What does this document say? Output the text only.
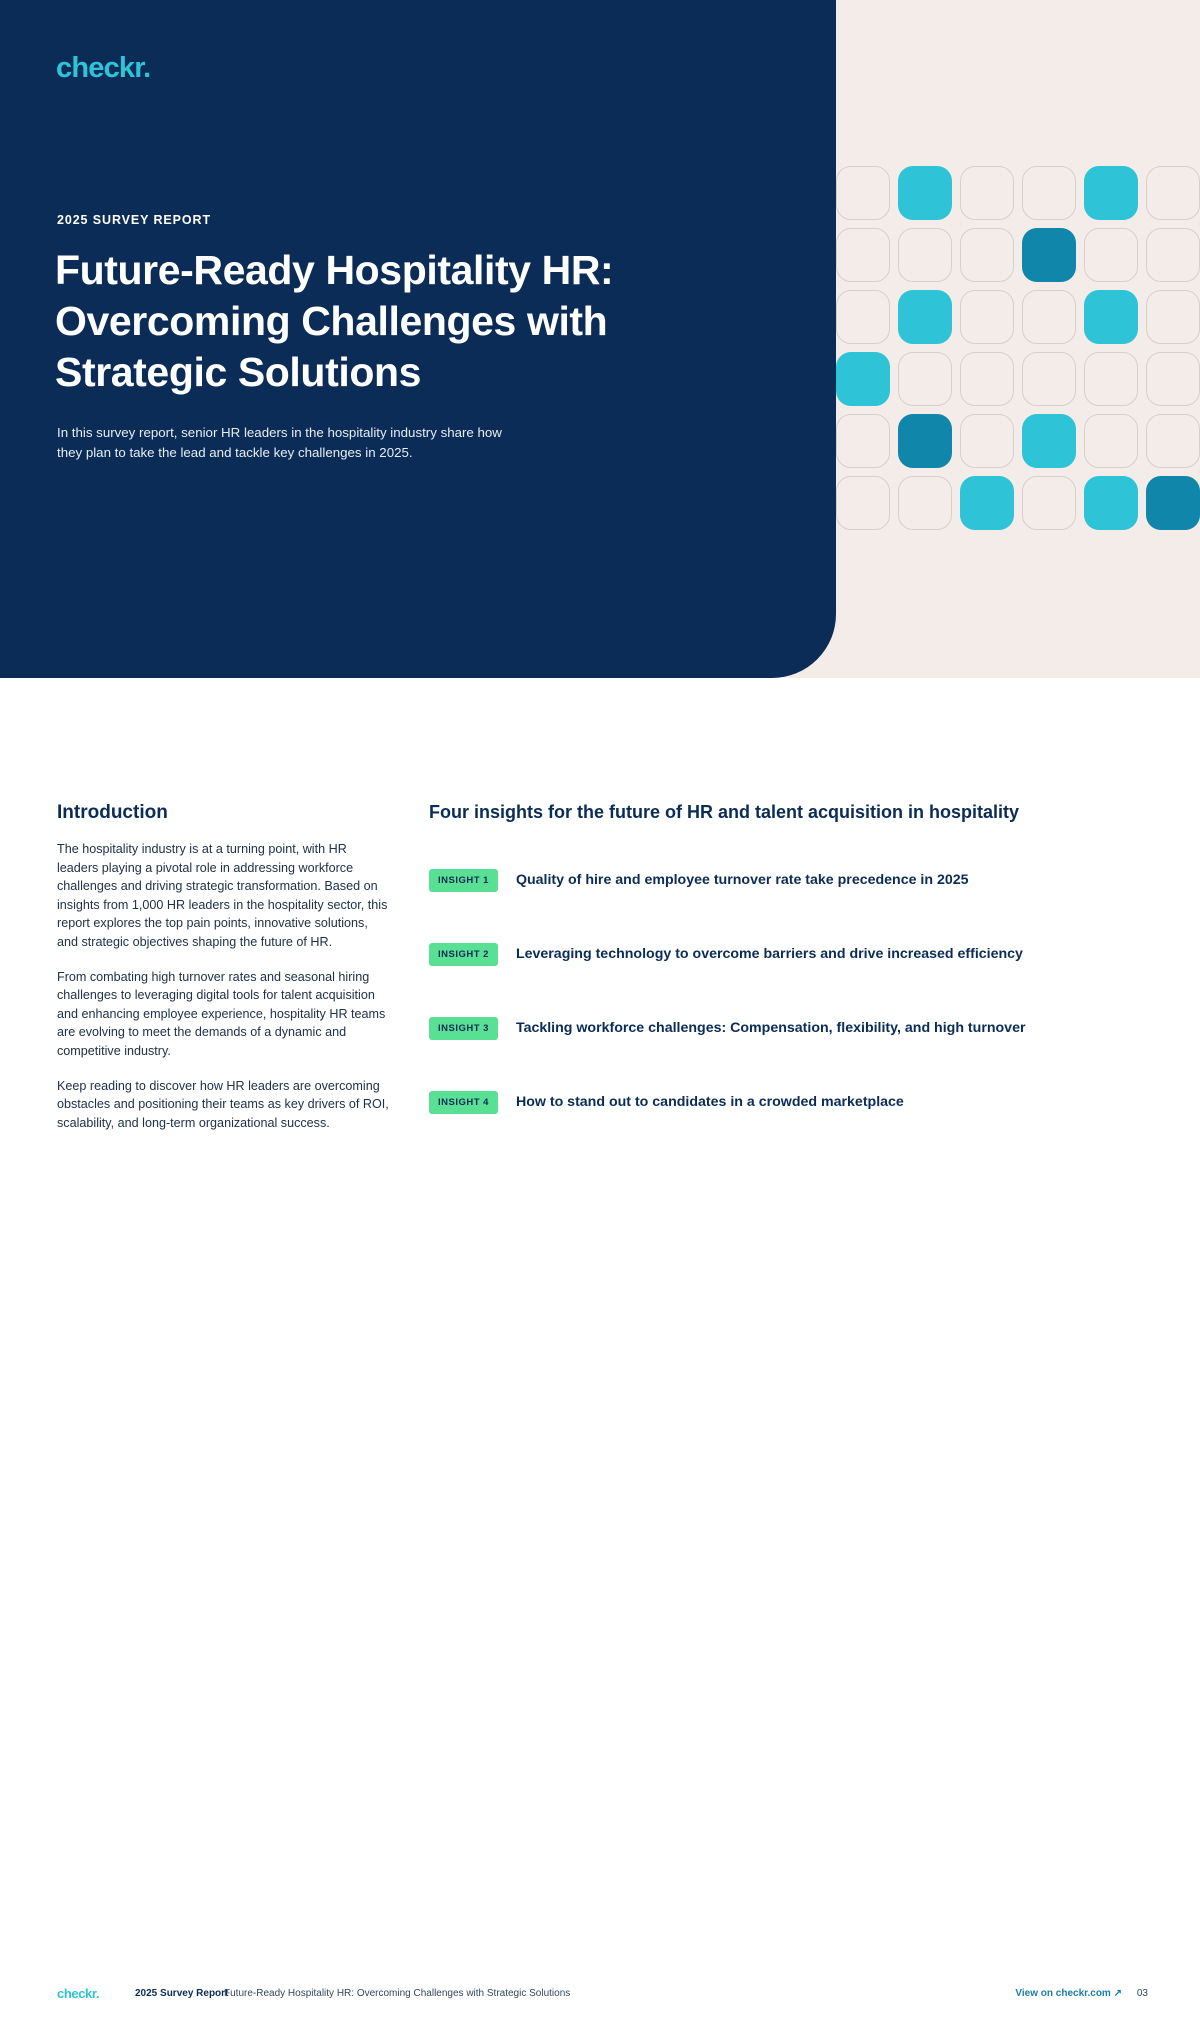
checkr.
2025 SURVEY REPORT
Future-Ready Hospitality HR: Overcoming Challenges with Strategic Solutions

In this survey report, senior HR leaders in the hospitality industry share how they plan to take the lead and tackle key challenges in 2025.

Introduction

The hospitality industry is at a turning point, with HR leaders playing a pivotal role in addressing workforce challenges and driving strategic transformation. Based on insights from 1,000 HR leaders in the hospitality sector, this report explores the top pain points, innovative solutions, and strategic objectives shaping the future of HR.

From combating high turnover rates and seasonal hiring challenges to leveraging digital tools for talent acquisition and enhancing employee experience, hospitality HR teams are evolving to meet the demands of a dynamic and competitive industry.

Keep reading to discover how HR leaders are overcoming obstacles and positioning their teams as key drivers of ROI, scalability, and long-term organizational success.

Four insights for the future of HR and talent acquisition in hospitality
INSIGHT 1	Quality of hire and employee turnover rate take precedence in 2025
INSIGHT 2	Leveraging technology to overcome barriers and drive increased efficiency
INSIGHT 3	Tackling workforce challenges: Compensation, flexibility, and high turnover
INSIGHT 4	How to stand out to candidates in a crowded marketplace
checkr.	2025 Survey Report
Future-Ready Hospitality HR: Overcoming Challenges with Strategic Solutions	View on checkr.com ↗ 03
